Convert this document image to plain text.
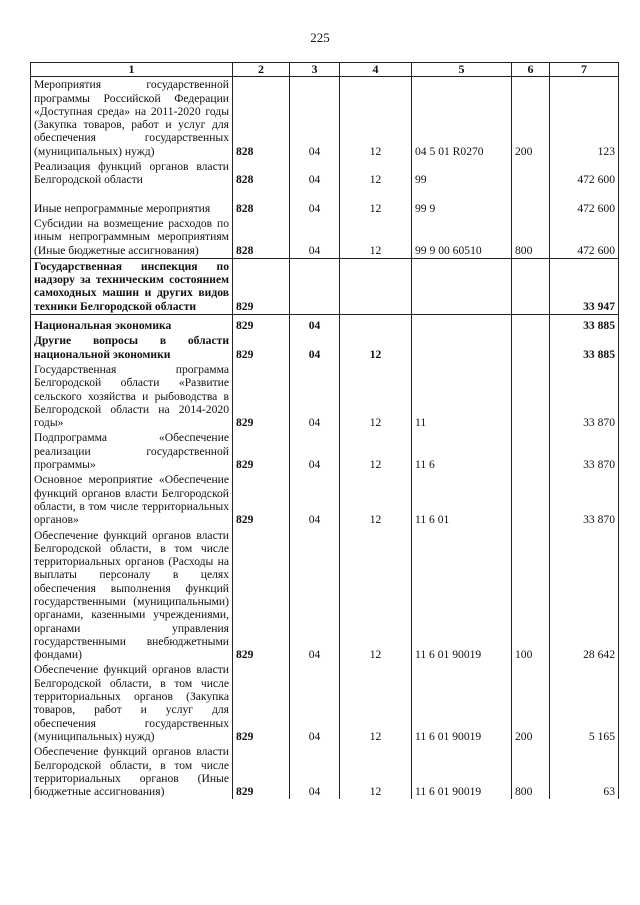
225
1	2	3	4	5	6	7
Мероприятия государственной программы Российской Федерации «Доступная среда» на 2011-2020 годы (Закупка товаров, работ и услуг для обеспечения государственных (муниципальных) нужд)	828	04	12	04 5 01 R0270	200	123
Реализация функций органов власти Белгородской области	828	04	12	99		472 600
Иные непрограммные мероприятия	828	04	12	99 9		472 600
Субсидии на возмещение расходов по иным непрограммным мероприятиям (Иные бюджетные ассигнования)	828	04	12	99 9 00 60510	800	472 600
Государственная инспекция по надзору за техническим состоянием самоходных машин и других видов техники Белгородской области	829					33 947
Национальная экономика	829	04				33 885
Другие вопросы в области национальной экономики	829	04	12			33 885
Государственная программа Белгородской области «Развитие сельского хозяйства и рыбоводства в Белгородской области на 2014-2020 годы»	829	04	12	11		33 870
Подпрограмма «Обеспечение реализации государственной программы»	829	04	12	11 6		33 870
Основное мероприятие «Обеспечение функций органов власти Белгородской области, в том числе территориальных органов»	829	04	12	11 6 01		33 870
Обеспечение функций органов власти Белгородской области, в том числе территориальных органов (Расходы на выплаты персоналу в целях обеспечения выполнения функций государственными (муниципальными) органами, казенными учреждениями, органами управления государственными внебюджетными фондами)	829	04	12	11 6 01 90019	100	28 642
Обеспечение функций органов власти Белгородской области, в том числе территориальных органов (Закупка товаров, работ и услуг для обеспечения государственных (муниципальных) нужд)	829	04	12	11 6 01 90019	200	5 165
Обеспечение функций органов власти Белгородской области, в том числе территориальных органов (Иные бюджетные ассигнования)	829	04	12	11 6 01 90019	800	63
